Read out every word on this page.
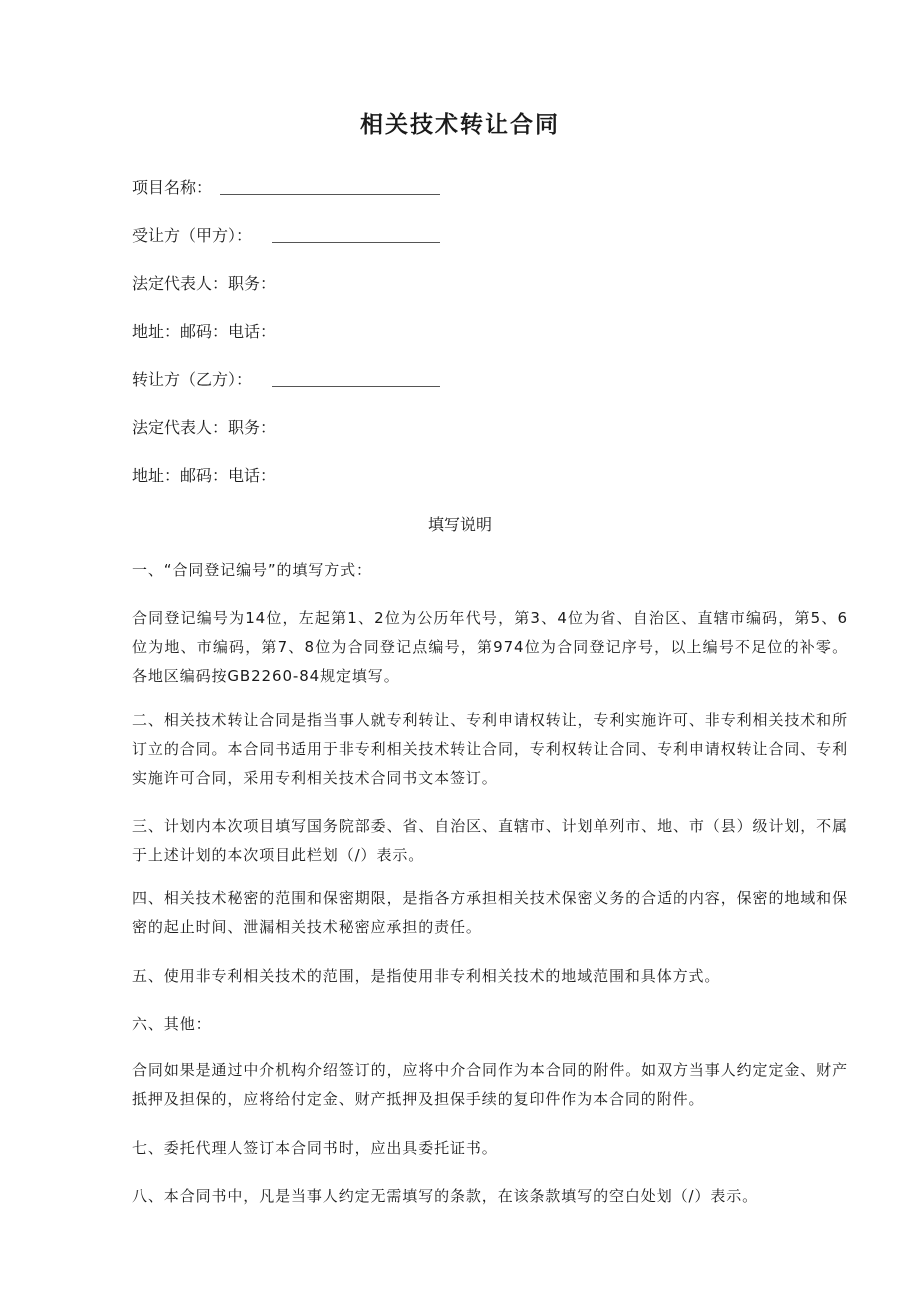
相关技术转让合同
项目名称：
受让方（甲方）：
法定代表人：职务：
地址：邮码：电话：
转让方（乙方）：
法定代表人：职务：
地址：邮码：电话：
填写说明
一、“合同登记编号”的填写方式：
合同登记编号为14位，左起第1、2位为公历年代号，第3、4位为省、自治区、直辖市编码，第5、6位为地、市编码，第7、8位为合同登记点编号，第974位为合同登记序号，以上编号不足位的补零。各地区编码按GB2260-84规定填写。
二、相关技术转让合同是指当事人就专利转让、专利申请权转让，专利实施许可、非专利相关技术和所订立的合同。本合同书适用于非专利相关技术转让合同，专利权转让合同、专利申请权转让合同、专利实施许可合同，采用专利相关技术合同书文本签订。
三、计划内本次项目填写国务院部委、省、自治区、直辖市、计划单列市、地、市（县）级计划，不属于上述计划的本次项目此栏划（/）表示。
四、相关技术秘密的范围和保密期限，是指各方承担相关技术保密义务的合适的内容，保密的地域和保密的起止时间、泄漏相关技术秘密应承担的责任。
五、使用非专利相关技术的范围，是指使用非专利相关技术的地域范围和具体方式。
六、其他：
合同如果是通过中介机构介绍签订的，应将中介合同作为本合同的附件。如双方当事人约定定金、财产抵押及担保的，应将给付定金、财产抵押及担保手续的复印件作为本合同的附件。
七、委托代理人签订本合同书时，应出具委托证书。
八、本合同书中，凡是当事人约定无需填写的条款，在该条款填写的空白处划（/）表示。
